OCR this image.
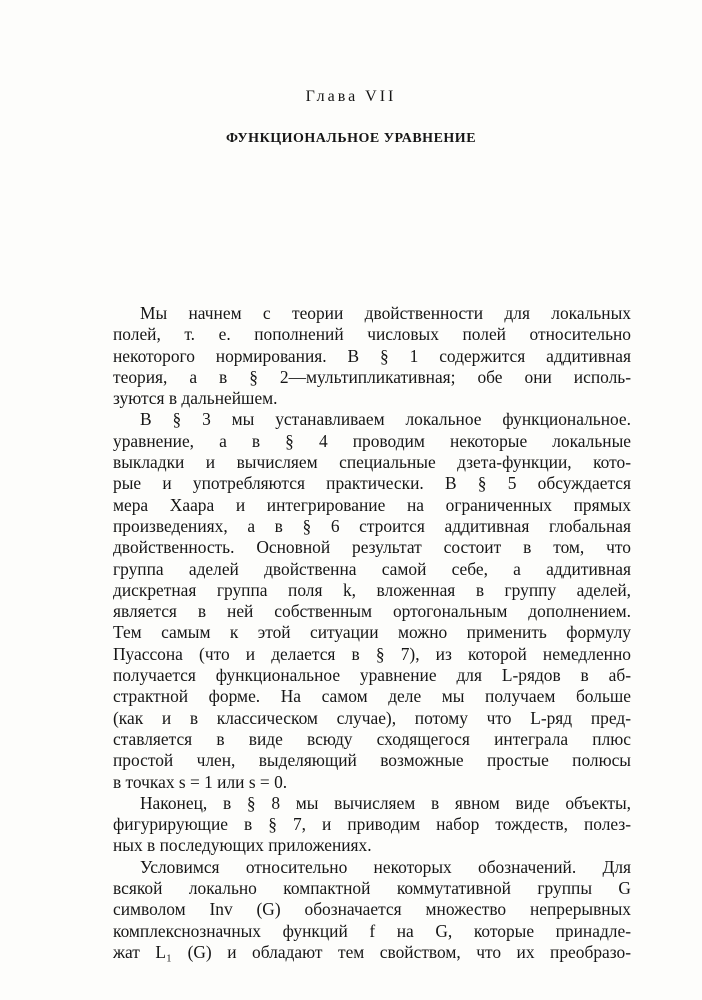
Глава VII
ФУНКЦИОНАЛЬНОЕ УРАВНЕНИЕ
Мы начнем с теории двойственности для локальных
полей, т. е. пополнений числовых полей относительно
некоторого нормирования. В § 1 содержится аддитивная
теория, а в § 2—мультипликативная; обе они исполь-
зуются в дальнейшем.
В § 3 мы устанавливаем локальное функциональное.
уравнение, а в § 4 проводим некоторые локальные
выкладки и вычисляем специальные дзета-функции, кото-
рые и употребляются практически. В § 5 обсуждается
мера Хаара и интегрирование на ограниченных прямых
произведениях, а в § 6 строится аддитивная глобальная
двойственность. Основной результат состоит в том, что
группа аделей двойственна самой себе, а аддитивная
дискретная группа поля k, вложенная в группу аделей,
является в ней собственным ортогональным дополнением.
Тем самым к этой ситуации можно применить формулу
Пуассона (что и делается в § 7), из которой немедленно
получается функциональное уравнение для L-рядов в аб-
страктной форме. На самом деле мы получаем больше
(как и в классическом случае), потому что L-ряд пред-
ставляется в виде всюду сходящегося интеграла плюс
простой член, выделяющий возможные простые полюсы
в точках s = 1 или s = 0.
Наконец, в § 8 мы вычисляем в явном виде объекты,
фигурирующие в § 7, и приводим набор тождеств, полез-
ных в последующих приложениях.
Условимся относительно некоторых обозначений. Для
всякой локально компактной коммутативной группы G
символом Inv (G) обозначается множество непрерывных
комплекснозначных функций f на G, которые принадле-
жат L₁ (G) и обладают тем свойством, что их преобразо-
